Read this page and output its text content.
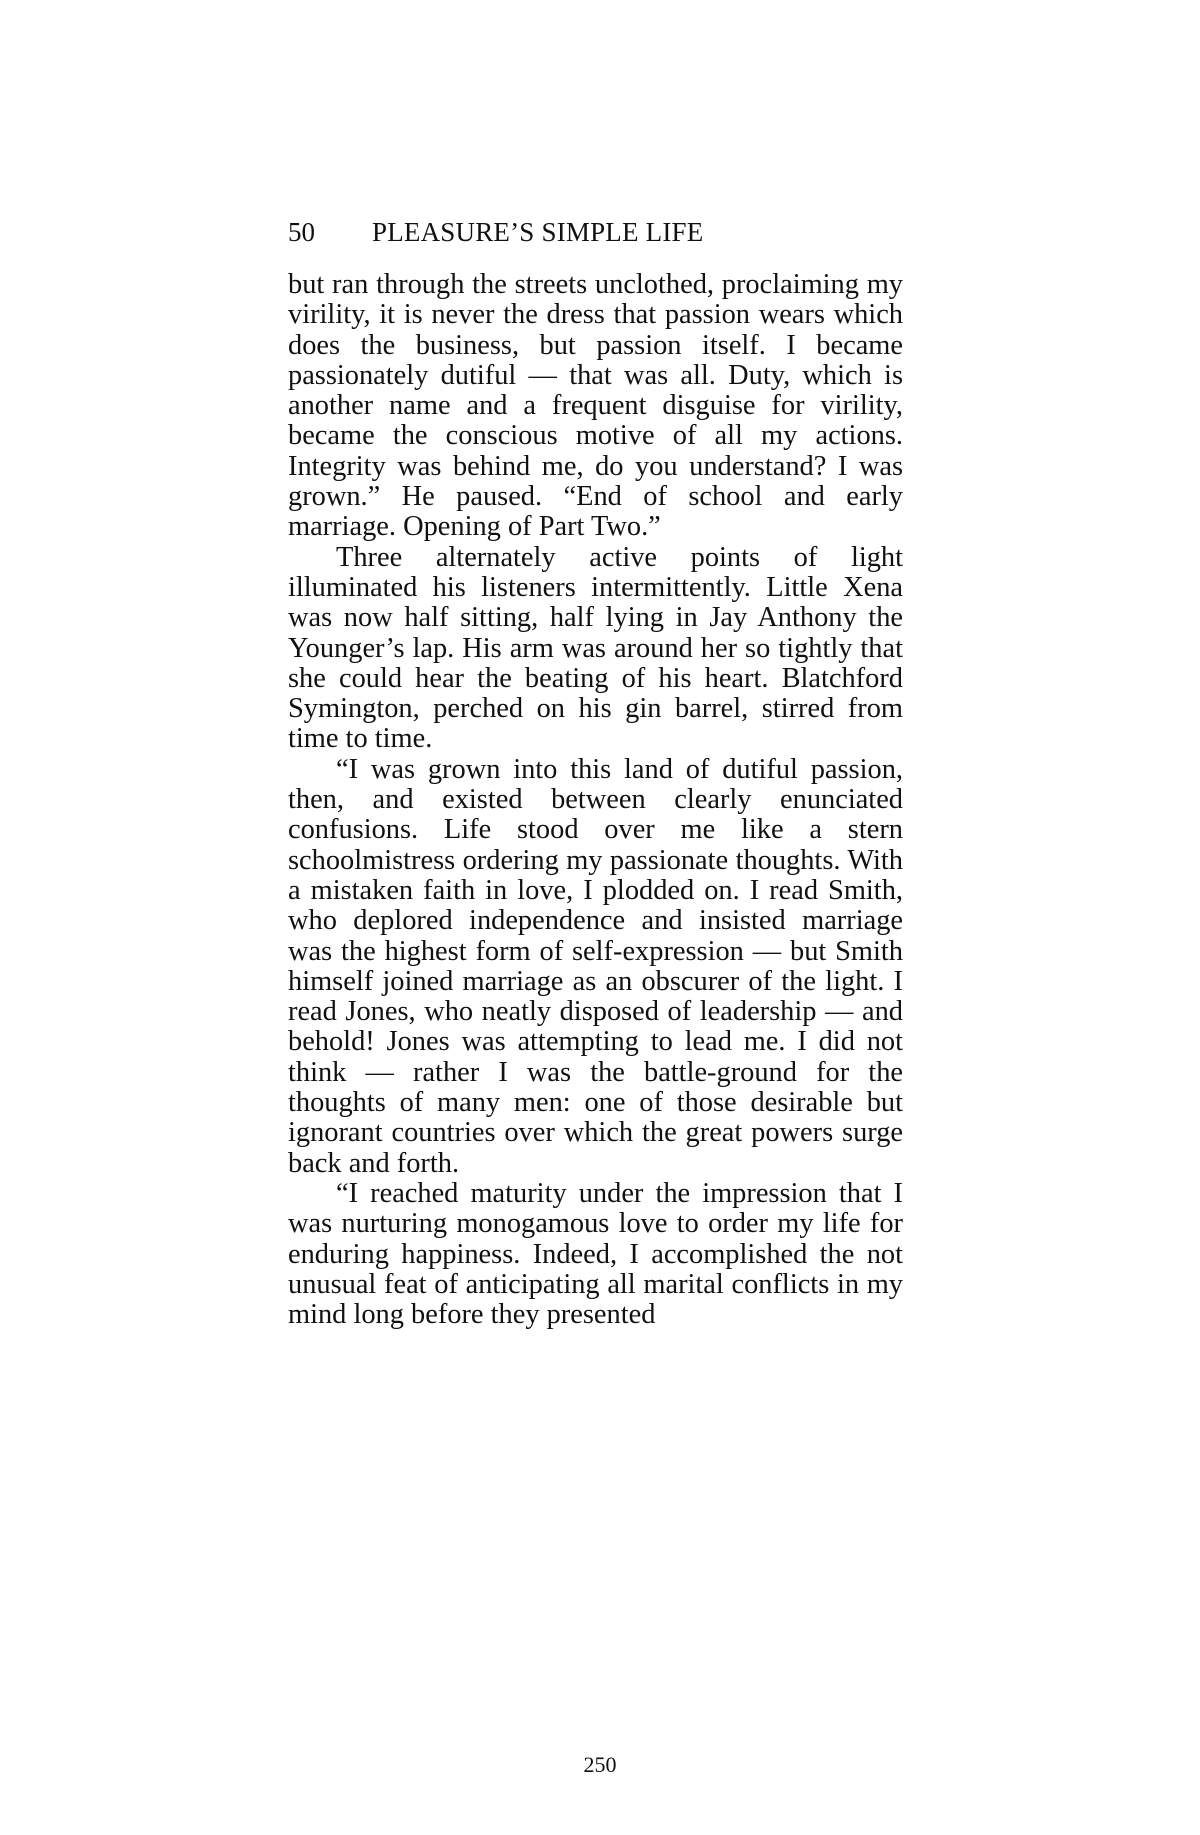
50 PLEASURE’S SIMPLE LIFE

but ran through the streets unclothed, proclaiming my virility, it is never the dress that passion wears which does the business, but passion itself. I became passionately dutiful — that was all. Duty, which is another name and a frequent disguise for virility, became the conscious motive of all my actions. Integrity was behind me, do you understand? I was grown.” He paused. “End of school and early marriage. Opening of Part Two.”

Three alternately active points of light illuminated his listeners intermittently. Little Xena was now half sitting, half lying in Jay Anthony the Younger’s lap. His arm was around her so tightly that she could hear the beating of his heart. Blatchford Symington, perched on his gin barrel, stirred from time to time.

“I was grown into this land of dutiful passion, then, and existed between clearly enunciated confusions. Life stood over me like a stern schoolmistress ordering my passionate thoughts. With a mistaken faith in love, I plodded on. I read Smith, who deplored independence and insisted marriage was the highest form of self-expression — but Smith himself joined marriage as an obscurer of the light. I read Jones, who neatly disposed of leadership — and behold! Jones was attempting to lead me. I did not think — rather I was the battle-ground for the thoughts of many men: one of those desirable but ignorant countries over which the great powers surge back and forth.

“I reached maturity under the impression that I was nurturing monogamous love to order my life for enduring happiness. Indeed, I accomplished the not unusual feat of anticipating all marital conflicts in my mind long before they presented

250
